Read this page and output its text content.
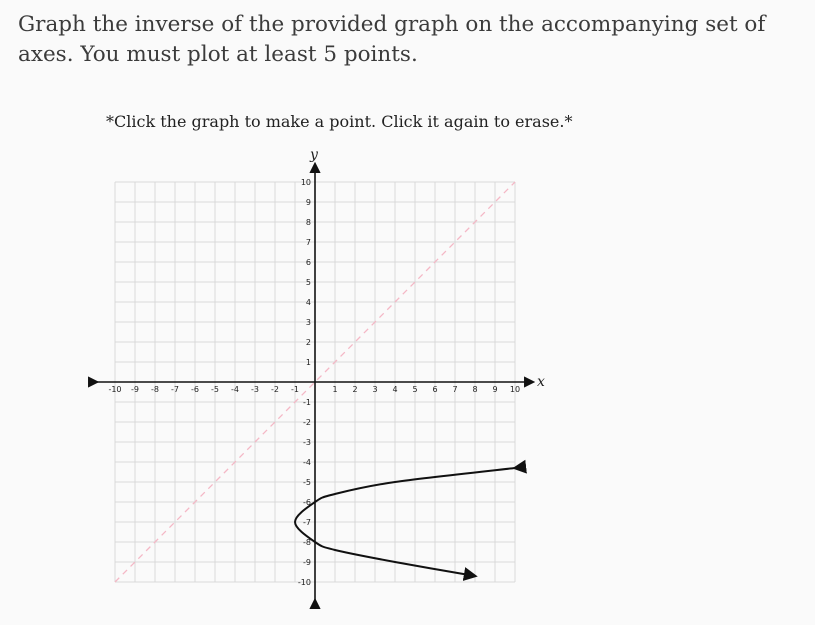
Graph the inverse of the provided graph on the accompanying set of axes. You must plot at least 5 points.
*Click the graph to make a point. Click it again to erase.*
-10
-10
-9
-9
-8
-8
-7
-7
-6
-6
-5
-5
-4
-4
-3
-3
-2
-2
-1
-1
1
1
2
2
3
3
4
4
5
5
6
6
7
7
8
8
9
9
10
10
y
x
